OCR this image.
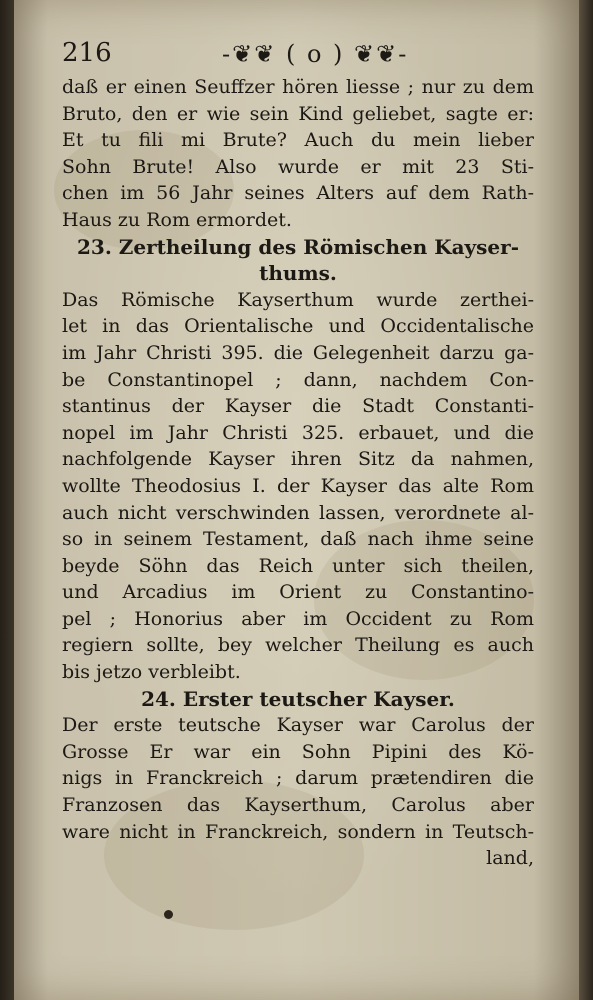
216	-❦❦ ( o ) ❦❦-
daß er einen Seuffzer hören liesse ; nur zu dem
Bruto, den er wie sein Kind geliebet, sagte er:
Et tu fili mi Brute? Auch du mein lieber
Sohn Brute! Also wurde er mit 23 Sti-
chen im 56 Jahr seines Alters auf dem Rath-
Haus zu Rom ermordet.
23. Zertheilung des Römischen Kayser-
thums.
Das Römische Kayserthum wurde zerthei-
let in das Orientalische und Occidentalische
im Jahr Christi 395. die Gelegenheit darzu ga-
be Constantinopel ; dann, nachdem Con-
stantinus der Kayser die Stadt Constanti-
nopel im Jahr Christi 325. erbauet, und die
nachfolgende Kayser ihren Sitz da nahmen,
wollte Theodosius I. der Kayser das alte Rom
auch nicht verschwinden lassen, verordnete al-
so in seinem Testament, daß nach ihme seine
beyde Söhn das Reich unter sich theilen,
und Arcadius im Orient zu Constantino-
pel ; Honorius aber im Occident zu Rom
regiern sollte, bey welcher Theilung es auch
bis jetzo verbleibt.
24. Erster teutscher Kayser.
Der erste teutsche Kayser war Carolus der
Grosse Er war ein Sohn Pipini des Kö-
nigs in Franckreich ; darum prætendiren die
Franzosen das Kayserthum, Carolus aber
ware nicht in Franckreich, sondern in Teutsch-
land,
